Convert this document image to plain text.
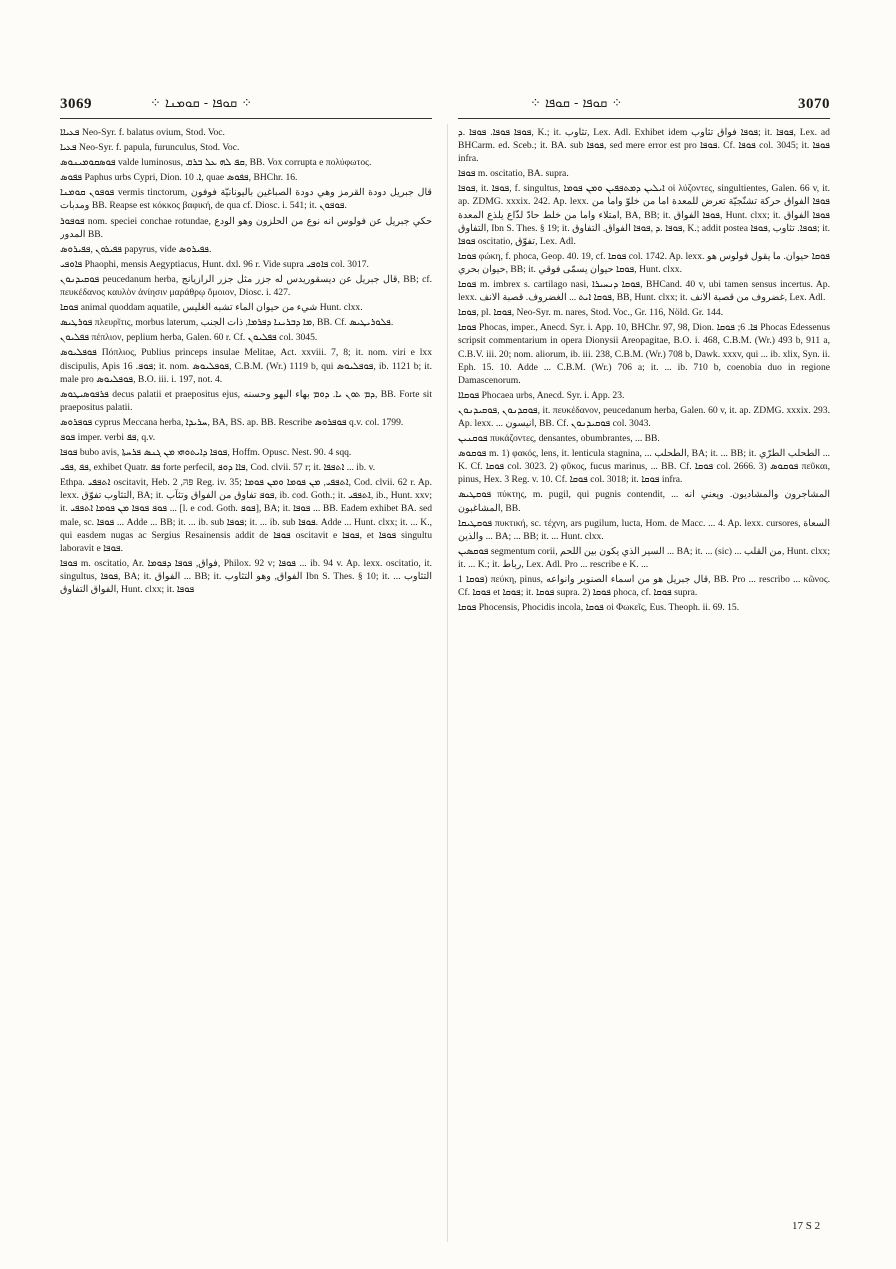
3069	⁘ ܩܘܦܐ - ܩܘܡܢܐ ⁘	⁘ ܩܘܦܐ - ܩܘܦܐ ⁘	3070

ܦܥܝܐܐ Neo-Syr. f. balatus ovium, Stod. Voc.

ܦܥܝܐ Neo-Syr. f. papula, furunculus, Stod. Voc.

ܦܘܣܩܘܡܝܢܘܣ valde luminosus, ܩܦ ܠܗ ܥܠ ܒܪܩ, BB. Vox corrupta e πολύφωτος.

ܦܦܘܣ Paphus urbs Cypri, Dion. ܐ. 10, quae ܦܦܘܣ, BHChr. 16.

ܦܘܦܘܢ ܩܘܡܢܐ vermis tinctorum, قال جبريل دودة القرمز وهي دودة الصباغين بالیونانیّة فوفون ومدبات BB. Reapse est κόκκος βαφική, de qua cf. Diosc. i. 541; it. ܦܘܦܘܢ.

ܦܘܦܘܪ nom. speciei conchae rotundae, حکي جبريل عن فولوس انه نوع من الحلزون وهو الودع المدور BB.

ܦܦܝܪܘܢ ,ܦܦܝܪܘܣ papyrus, vide ܦܦܝܪܘܣ.

ܦܐܘܦܝ Phaophi, mensis Aegyptiacus, Hunt. dxl. 96 r. Vide supra ܦܐܘܦܝ col. 3017.

ܦܘܩܝܕܢܘܢ peucedanum herba, قال جبريل عن دیسقوریدس له جزر مثل جزر الرازیانج, BB; cf. πευκέδανος καυλὸν ἀνίησιν μαράθρῳ ὅμοιον, Diosc. i. 427.

ܦܘܩܐ animal quoddam aquatile, شيء من حیوان الماء تشبه الغلیس Hunt. clxx.

ܦܘܪܛܝܣ πλευρῖτις, morbus laterum, ܡܐ ܕܒܪܝܢܐ ܕܦܪܡܐ, ذات الجنب, BB. Cf. ܦܠܘܪܝܛܝܣ.

ܦܦܠܝܘܢ πέπλιον, peplium herba, Galen. 60 r. Cf. ܦܦܠܝܘܢ col. 3045.

ܦܘܦܠܝܘܣ Πόπλιος, Publius princeps insulae Melitae, Act. xxviii. 7, 8; it. nom. viri e lxx discipulis, Apis ܦܘܦ. 16; it. nom. ܦܘܦܠܝܘܣ, C.B.M. (Wr.) 1119 b, qui ܦܘܦܠܝܘܣ, ib. 1121 b; it. male pro ܦܘܦܠܝܘܣ, B.O. iii. i. 197, not. 4.

ܦܪܦܘܣܝܛܘܣ decus palatii et praepositus ejus, ܕܡ ܬܘܢ ܝܐ. ܕܘܡ بهاء البهو وحسنه, BB. Forte sit praepositus palatii.

ܦܘܦܪܘܣ cyprus Meccana herba, ܚܪܝܕܐ, BA, BS. ap. BB. Rescribe ܦܘܦܪܘܣ q.v. col. 1799.

ܦܘܦ imper. verbi ܦܦ, q.v.

ܦܘܦܐ bubo avis, ܦܘܦܐ ܕܐܝܬܘܗܝ ܡܢ ܓܢܣ ܦܪܚܬܐ, Hoffm. Opusc. Nest. 90. 4 sqq.

ܦܦ ,ܦܦܝ, exhibet Quatr. ܦܦ forte perfecil, ܦܐܐ ܕܘܦ, Cod. clvii. 57 r; it. ܐܬܦܦܐ ... ib. v.

Ethpa. ܐܬܦܦܝ oscitavit, Heb. פּהּ, 2 Reg. iv. 35; ܐܬܦܦܝ, ܡܢ ܦܘܡܐ ܘܡܢ ܦܘܡܐ, Cod. clvii. 62 r. Ap. lexx. التثاوب تفوّق, BA; it. ܦܘܦ تفاوق من الفواق وتثآب, ib. cod. Goth.; it. ܐܬܦܦܝ, ib., Hunt. xxv; it. ܦܘܦ ܦܘܦܐ ܡܢ ܦܘܡܐ ܐܬܦܦܝ ... [l. e cod. Goth. ܦܘܦ], BA; it. ܦܘܦܐ ... BB. Eadem exhibet BA. sed male, sc. ܦܘܦܐ ... Adde ... BB; it. ... ib. sub ܦܘܦܐ; it. ... ib. sub ܦܘܦܐ. Adde ... Hunt. clxx; it. ... K., qui easdem nugas ac Sergius Resainensis addit de ܦܘܦܐ oscitavit e ܦܘܦܐ, et ܦܘܦܐ singultu laboravit e ܦܘܦܐ.

ܦܘܦܐ m. oscitatio, Ar. فواق, ܦܘܦܐ ܕܦܘܡܐ, Philox. 92 v; ܦܘܦܐ ... ib. 94 v. Ap. lexx. oscitatio, it. singultus, ܦܘܦܐ, BA; it. الفواق ... BB; it. الفواق, وهو التثاوب Ibn S. Thes. § 10; it. التثاوب ... الفواق التفاوق, Hunt. clxx; it. ܦܘܦܐ

ܦܘܦܐ ܦܘܦܐ. ܦܘܦܐ .ܕ, K.; it. تثاوب, Lex. Adl. Exhibet idem ܦܘܦܐ فواق تثاوب; it. ܦܘܦܐ, Lex. ad BHCarm. ed. Sceb.; it. BA. sub ܦܘܦܐ, sed mere error est pro ܦܘܦܐ. Cf. ܦܘܦܐ col. 3045; it. ܦܘܦܐ infra.

ܦܘܦܐ m. oscitatio, BA. supra.

ܦܘܦܐ, it. ܦܘܦܐ, f. singultus, ܐܝܠܝܢ ܕܡܬܦܦܝܢ ܘܡܢ ܦܘܡܐ οἱ λύζοντες, singultientes, Galen. 66 v, it. ap. ZDMG. xxxix. 242. Ap. lexx. ܦܘܦܐ الفواق حركة تشنّجيّة تعرض للمعدة اما من خلوّ واما من امتلاء واما من خلط حادّ لذّاع يلذع المعدة, BA, BB; it. ܦܘܦܐ الفواق, Hunt. clxx; it. ܦܘܦܐ الفواق التفاوق, Ibn S. Thes. § 19; it. ܦܘܦܐ .ܕ ,ܦܘܦܐ الفواق. التفاوق, K.; addit postea ܦܘܦܐ. تثاوب ,ܦܘܦܐ; it. ܦܘܦܐ oscitatio, تفوّق, Lex. Adl.

ܦܘܩܐ φώκη, f. phoca, Geop. 40. 19, cf. ܦܘܩܐ col. 1742. Ap. lexx. ܦܘܩܐ حیوان. ما يقول فولوس هو حيوان بحري, BB; it. ܦܘܩܐ حيوان يسمّى فوقي, Hunt. clxx.

ܦܘܩܐ m. imbrex s. cartilago nasi, ܦܘܩܐ ܕܢܚܝܪܐ, BHCand. 40 v, ubi tamen sensus incertus. Ap. lexx. ܦܘܩܐ ܐܝܬ ... الغضروف. قصبة الانف, BB, Hunt. clxx; it. غضروف من قصبة الانف, Lex. Adl.

ܦܘܩܐ, pl. ܦܘܩܐ, Neo-Syr. m. nares, Stod. Voc., Gr. 116, Nöld. Gr. 144.

ܦܘܩܐ Phocas, imper., Anecd. Syr. i. App. 10, BHChr. 97, 98, Dion. ܦܐ. 6; ܦܘܩܐ Phocas Edessenus scripsit commentarium in opera Dionysii Areopagitae, B.O. i. 468, C.B.M. (Wr.) 493 b, 911 a, C.B.V. iii. 20; nom. aliorum, ib. iii. 238, C.B.M. (Wr.) 708 b, Dawk. xxxv, qui ... ib. xlix, Syn. ii. Eph. 15. 10. Adde ... C.B.M. (Wr.) 706 a; it. ... ib. 710 b, coenobia duo in regione Damascenorum.

ܦܘܩܐܐ Phocaea urbs, Anecd. Syr. i. App. 23.

ܦܘܩܕܢܘܢ ,ܦܘܩܝܕܢܘܢ, it. πευκέδανον, peucedanum herba, Galen. 60 v, it. ap. ZDMG. xxxix. 293. Ap. lexx. ... انیسون, BB. Cf. ܦܘܩܝܕܢܘܢ col. 3043.

ܦܘܩܢܝܢ πυκάζοντες, densantes, obumbrantes, ... BB.

ܦܘܩܘܣ m. 1) φακός, lens, it. lenticula stagnina, ... الطحلب, BA; it. ... BB; it. الطحلب الطرّي ... K. Cf. ܦܘܩܐ col. 3023. 2) φῦκος, fucus marinus, ... BB. Cf. ܦܘܩܐ col. 2666. 3) ܦܘܩܘܣ πεῦκαι, pinus, Hex. 3 Reg. v. 10. Cf. ܦܘܩܐ col. 3018; it. ܦܘܩܐ infra.

ܦܘܩܛܝܣ πύκτης, m. pugil, qui pugnis contendit, ... المشاجرون والمشاديون. ويعني انه المشاغبون, BB.

ܦܘܩܛܝܩܐ πυκτική, sc. τέχνη, ars pugilum, lucta, Hom. de Macc. ... 4. Ap. lexx. cursores, السعاة والذين ... BA; ... BB; it. ... Hunt. clxx.

ܦܘܩܣܝܢ segmentum corii, السير الذي يكون بين اللحم ... BA; it. ... (sic) ... من القلب, Hunt. clxx; it. ... K.; it. رباط, Lex. Adl. Pro ... rescribe e K. ...

ܦܘܩܐ 1) πεύκη, pinus, قال جبريل هو من اسماء الصنوبر وانواعه, BB. Pro ... rescribo ... κῶνος. Cf. ܦܘܩܐ et ܦܘܩܐ; it. ܦܘܩܐ supra. 2) ܦܘܩܐ phoca, cf. ܦܘܩܐ supra.

ܦܘܩܐ Phocensis, Phocidis incola, ܦܘܩܐ οἱ Φωκεῖς, Eus. Theoph. ii. 69. 15.

17 S 2
